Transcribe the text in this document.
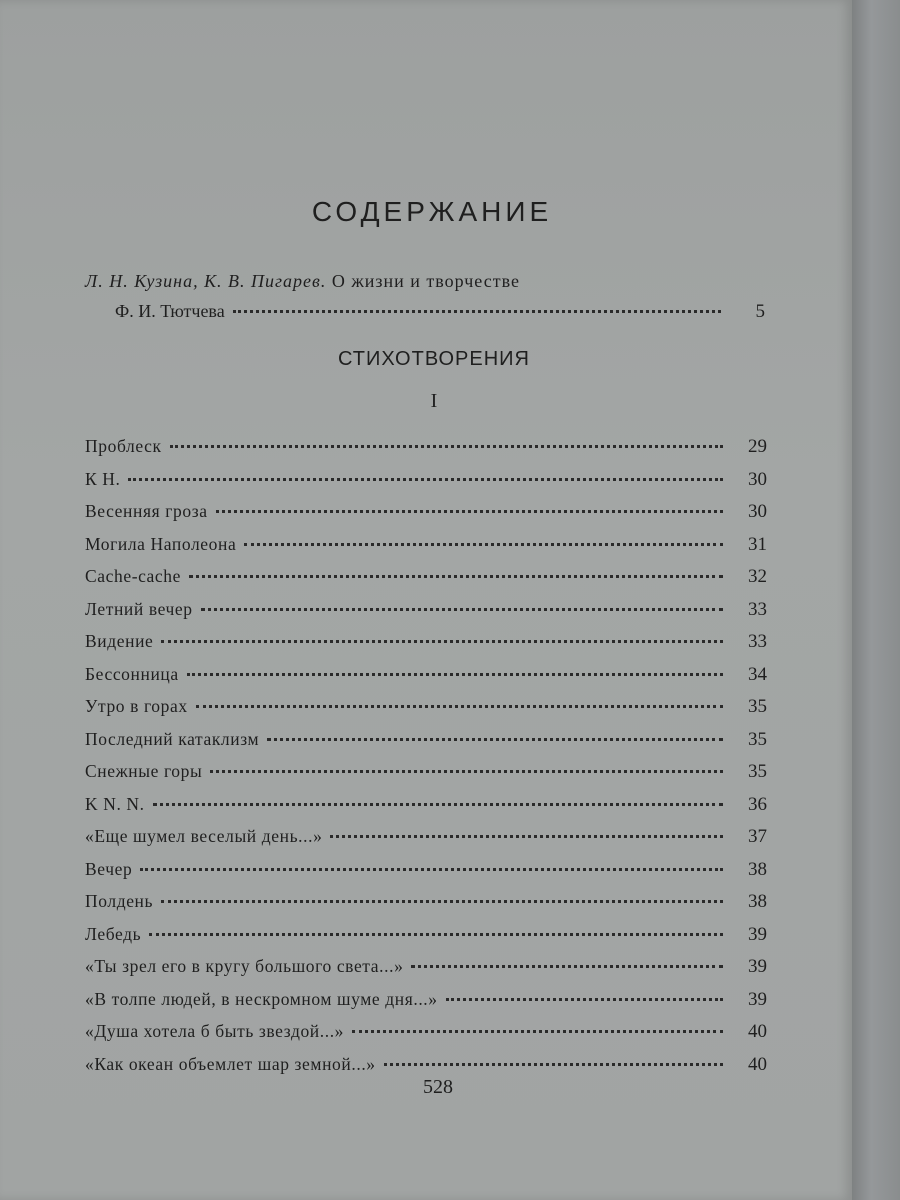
СОДЕРЖАНИЕ
Л. Н. Кузина, К. В. Пигарев. О жизни и творчестве
Ф. И. Тютчева	5
СТИХОТВОРЕНИЯ
I
Проблеск	29
К Н.	30
Весенняя гроза	30
Могила Наполеона	31
Cache-cache	32
Летний вечер	33
Видение	33
Бессонница	34
Утро в горах	35
Последний катаклизм	35
Снежные горы	35
K N. N.	36
«Еще шумел веселый день...»	37
Вечер	38
Полдень	38
Лебедь	39
«Ты зрел его в кругу большого света...»	39
«В толпе людей, в нескромном шуме дня...»	39
«Душа хотела б быть звездой...»	40
«Как океан объемлет шар земной...»	40
528
